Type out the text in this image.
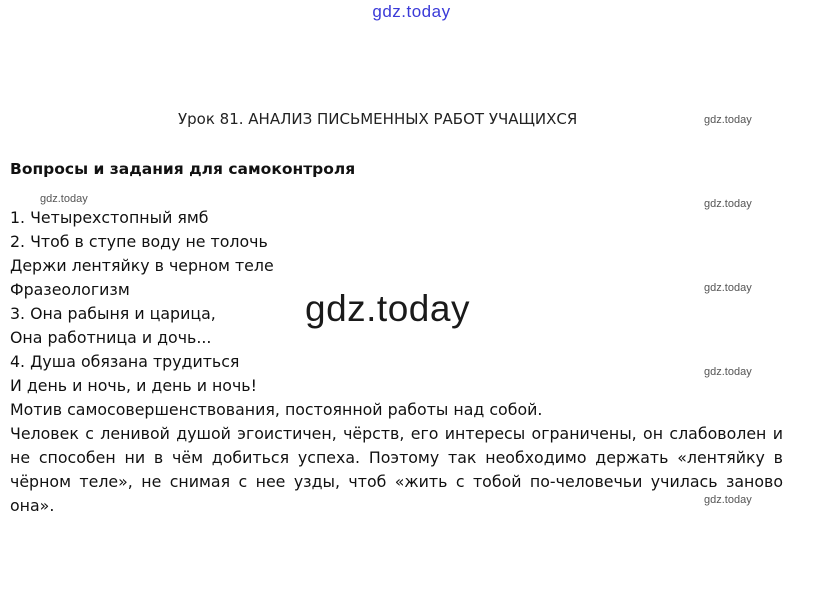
gdz.today
Урок 81. АНАЛИЗ ПИСЬМЕННЫХ РАБОТ УЧАЩИХСЯ	gdz.today
gdz.today
gdz.today
gdz.today
gdz.today
Вопросы и задания для самоконтроля
gdz.today
1. Четырехстопный ямб
2. Чтоб в ступе воду не толочь
Держи лентяйку в черном теле
Фразеологизм
3. Она рабыня и царица,
Она работница и дочь...
4. Душа обязана трудиться
И день и ночь, и день и ночь!
Мотив самосовершенствования, постоянной работы над собой.

Человек с ленивой душой эгоистичен, чёрств, его интересы ограничены, он слабоволен и не способен ни в чём добиться успеха. Поэтому так необходимо держать «лентяйку в чёрном теле», не снимая с нее узды, чтоб «жить с тобой по-человечьи училась заново она».

gdz.today
